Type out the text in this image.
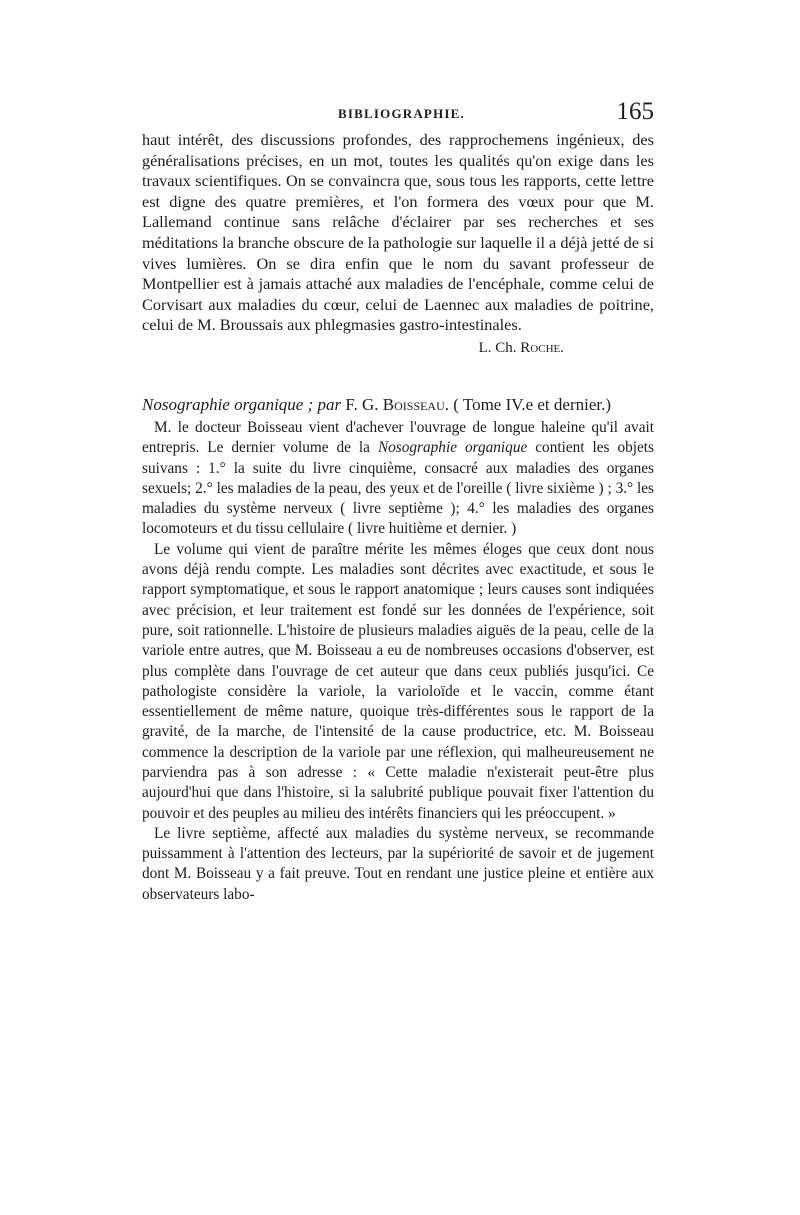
BIBLIOGRAPHIE.	165

haut intérêt, des discussions profondes, des rapprochemens ingénieux, des généralisations précises, en un mot, toutes les qualités qu'on exige dans les travaux scientifiques. On se convaincra que, sous tous les rapports, cette lettre est digne des quatre premières, et l'on formera des vœux pour que M. Lallemand continue sans relâche d'éclairer par ses recherches et ses méditations la branche obscure de la pathologie sur laquelle il a déjà jetté de si vives lumières. On se dira enfin que le nom du savant professeur de Montpellier est à jamais attaché aux maladies de l'encéphale, comme celui de Corvisart aux maladies du cœur, celui de Laennec aux maladies de poitrine, celui de M. Broussais aux phlegmasies gastro-intestinales.

L. Ch. Roche.
Nosographie organique ; par F. G. Boisseau. ( Tome IV.e et dernier.)

M. le docteur Boisseau vient d'achever l'ouvrage de longue haleine qu'il avait entrepris. Le dernier volume de la Nosographie organique contient les objets suivans : 1.° la suite du livre cinquième, consacré aux maladies des organes sexuels; 2.° les maladies de la peau, des yeux et de l'oreille ( livre sixième ) ; 3.° les maladies du système nerveux ( livre septième ); 4.° les maladies des organes locomoteurs et du tissu cellulaire ( livre huitième et dernier. )

Le volume qui vient de paraître mérite les mêmes éloges que ceux dont nous avons déjà rendu compte. Les maladies sont décrites avec exactitude, et sous le rapport symptomatique, et sous le rapport anatomique ; leurs causes sont indiquées avec précision, et leur traitement est fondé sur les données de l'expérience, soit pure, soit rationnelle. L'histoire de plusieurs maladies aiguës de la peau, celle de la variole entre autres, que M. Boisseau a eu de nombreuses occasions d'observer, est plus complète dans l'ouvrage de cet auteur que dans ceux publiés jusqu'ici. Ce pathologiste considère la variole, la varioloïde et le vaccin, comme étant essentiellement de même nature, quoique très-différentes sous le rapport de la gravité, de la marche, de l'intensité de la cause productrice, etc. M. Boisseau commence la description de la variole par une réflexion, qui malheureusement ne parviendra pas à son adresse : « Cette maladie n'existerait peut-être plus aujourd'hui que dans l'histoire, si la salubrité publique pouvait fixer l'attention du pouvoir et des peuples au milieu des intérêts financiers qui les préoccupent. »

Le livre septième, affecté aux maladies du système nerveux, se recommande puissamment à l'attention des lecteurs, par la supériorité de savoir et de jugement dont M. Boisseau y a fait preuve. Tout en rendant une justice pleine et entière aux observateurs labo-
